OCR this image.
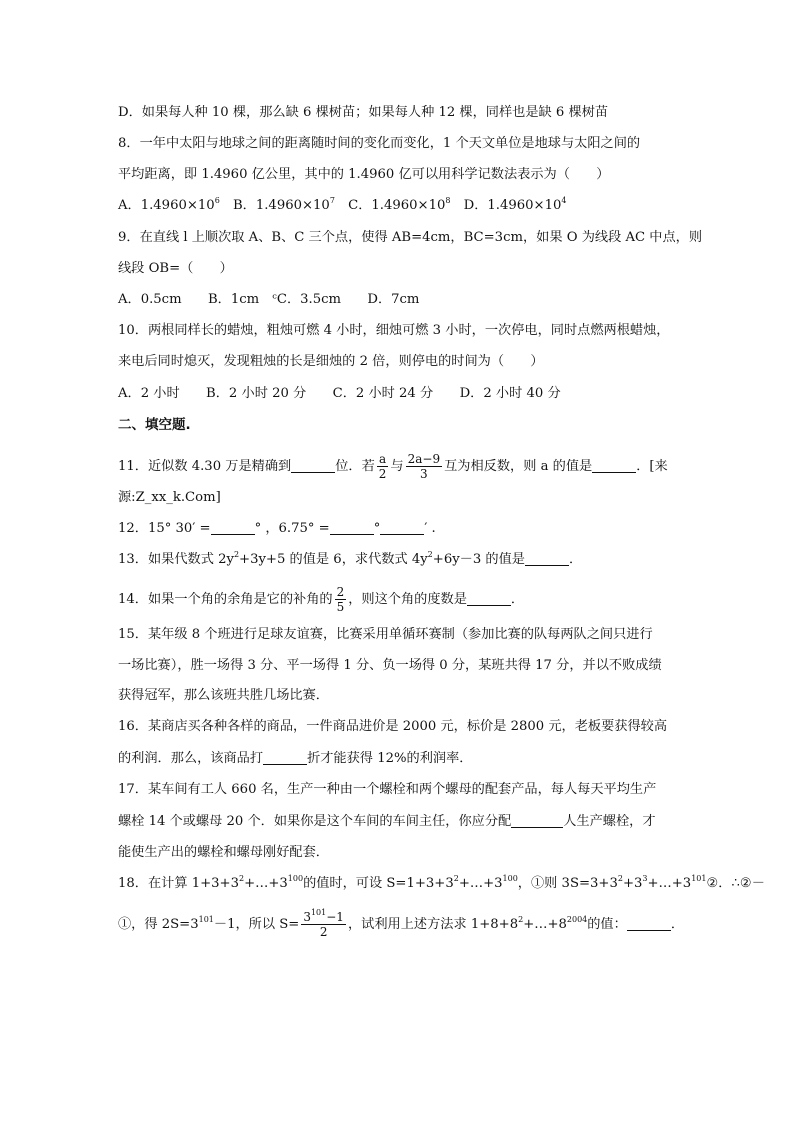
D．如果每人种 10 棵，那么缺 6 棵树苗；如果每人种 12 棵，同样也是缺 6 棵树苗
8．一年中太阳与地球之间的距离随时间的变化而变化，1 个天文单位是地球与太阳之间的
平均距离，即 1.4960 亿公里，其中的 1.4960 亿可以用科学记数法表示为（　　）
A．$1.4960\times 10^6$　B．$1.4960\times 10^7$　C．$1.4960\times 10^8$　D．$1.4960\times 10^4$
9．在直线 l 上顺次取 A、B、C 三个点，使得 AB=4cm，BC=3cm，如果 O 为线段 AC 中点，则
线段 OB=（　　）
A．0.5cm　　B．1cm　ᶜC．3.5cm　　D．7cm
10．两根同样长的蜡烛，粗烛可燃 4 小时，细烛可燃 3 小时，一次停电，同时点燃两根蜡烛，
来电后同时熄灭，发现粗烛的长是细烛的 2 倍，则停电的时间为（　　）
A．2 小时　　B．2 小时 20 分　　C．2 小时 24 分　　D．2 小时 40 分
二、填空题.
11．近似数 4.30 万是精确到	位．若 $\frac{a}{2}$ 与 $\frac{2a-9}{3}$ 互为相反数，则 a 的值是	．[来
源:Z_xx_k.Com]
12．15° 30′ =	° ，6.75° =	°	′ .
13．如果代数式 $2y^2+3y+5$ 的值是 6，求代数式 $4y^2+6y-3$ 的值是	．
14．如果一个角的余角是它的补角的 $\frac{2}{5}$ ，则这个角的度数是	．
15．某年级 8 个班进行足球友谊赛，比赛采用单循环赛制（参加比赛的队每两队之间只进行
一场比赛），胜一场得 3 分、平一场得 1 分、负一场得 0 分，某班共得 17 分，并以不败成绩
获得冠军，那么该班共胜几场比赛．
16．某商店买各种各样的商品，一件商品进价是 2000 元，标价是 2800 元，老板要获得较高
的利润．那么，该商品打	折才能获得 12%的利润率．
17．某车间有工人 660 名，生产一种由一个螺栓和两个螺母的配套产品，每人每天平均生产
螺栓 14 个或螺母 20 个．如果你是这个车间的车间主任，你应分配	人生产螺栓，才
能使生产出的螺栓和螺母刚好配套．
18．在计算 $1+3+3^2+\dots+3^{100}$的值时，可设 $S=1+3+3^2+\dots+3^{100}$，①则 $3S=3+3^2+3^3+\dots+3^{101}②$．∴②－
①，得 $2S=3^{101}-1$，所以 $S= \frac{3^{101}-1}{2}$ ，试利用上述方法求 $1+8+8^2+\dots+8^{2004}$的值：	．
